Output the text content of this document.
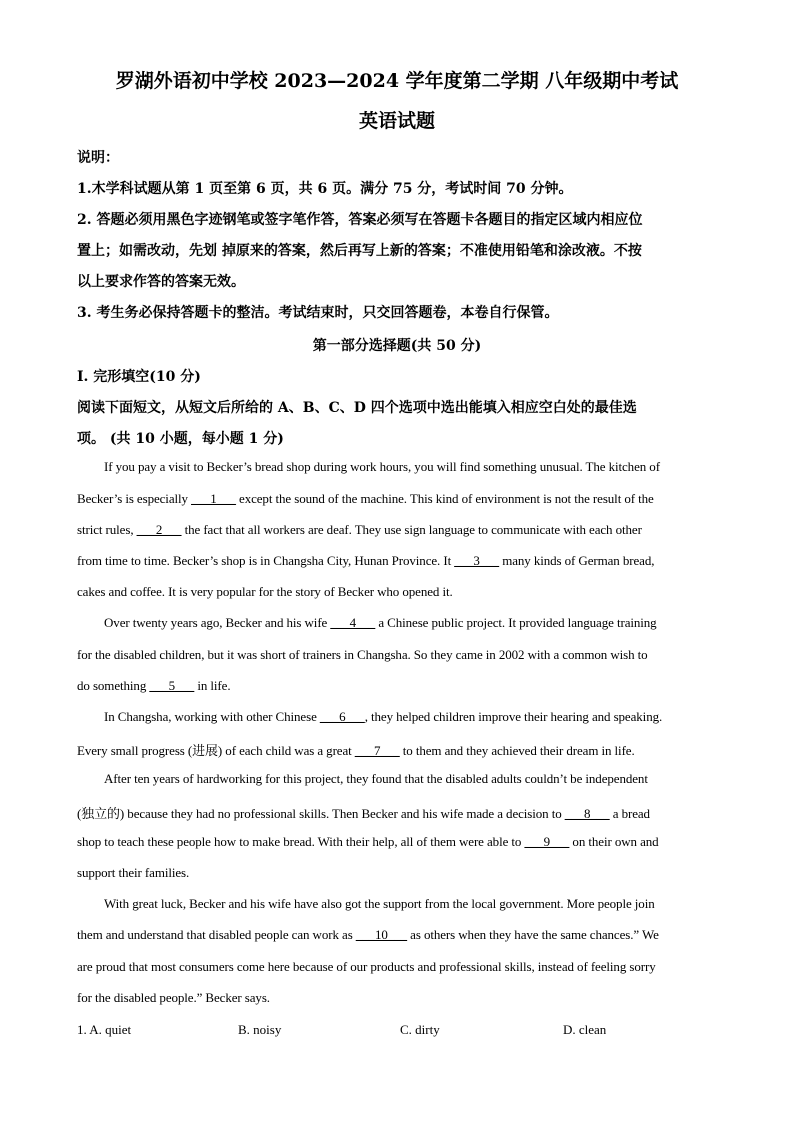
罗湖外语初中学校 2023—2024 学年度第二学期 八年级期中考试
英语试题
说明：
1.木学科试题从第 1 页至第 6 页，共 6 页。满分 75 分，考试时间 70 分钟。
2. 答题必须用黑色字迹钢笔或签字笔作答，答案必须写在答题卡各题目的指定区域内相应位
置上；如需改动，先划 掉原来的答案，然后再写上新的答案；不准使用铅笔和涂改液。不按
以上要求作答的答案无效。
3. 考生务必保持答题卡的整洁。考试结束时，只交回答题卷，本卷自行保管。
第一部分选择题(共 50 分)
I. 完形填空(10 分)
阅读下面短文，从短文后所给的 A、B、C、D 四个选项中选出能填入相应空白处的最佳选
项。 (共 10 小题，每小题 1 分)
If you pay a visit to Becker’s bread shop during work hours, you will find something unusual. The kitchen of
Becker’s is especially ___1___ except the sound of the machine. This kind of environment is not the result of the
strict rules, ___2___ the fact that all workers are deaf. They use sign language to communicate with each other
from time to time. Becker’s shop is in Changsha City, Hunan Province. It ___3___ many kinds of German bread,
cakes and coffee. It is very popular for the story of Becker who opened it.
Over twenty years ago, Becker and his wife ___4___ a Chinese public project. It provided language training
for the disabled children, but it was short of trainers in Changsha. So they came in 2002 with a common wish to
do something ___5___ in life.
In Changsha, working with other Chinese ___6___, they helped children improve their hearing and speaking.
Every small progress (进展) of each child was a great ___7___ to them and they achieved their dream in life.
After ten years of hardworking for this project, they found that the disabled adults couldn’t be independent
(独立的) because they had no professional skills. Then Becker and his wife made a decision to ___8___ a bread
shop to teach these people how to make bread. With their help, all of them were able to ___9___ on their own and
support their families.
With great luck, Becker and his wife have also got the support from the local government. More people join
them and understand that disabled people can work as ___10___ as others when they have the same chances.” We
are proud that most consumers come here because of our products and professional skills, instead of feeling sorry
for the disabled people.” Becker says.
1. A. quiet	B. noisy	C. dirty	D. clean
